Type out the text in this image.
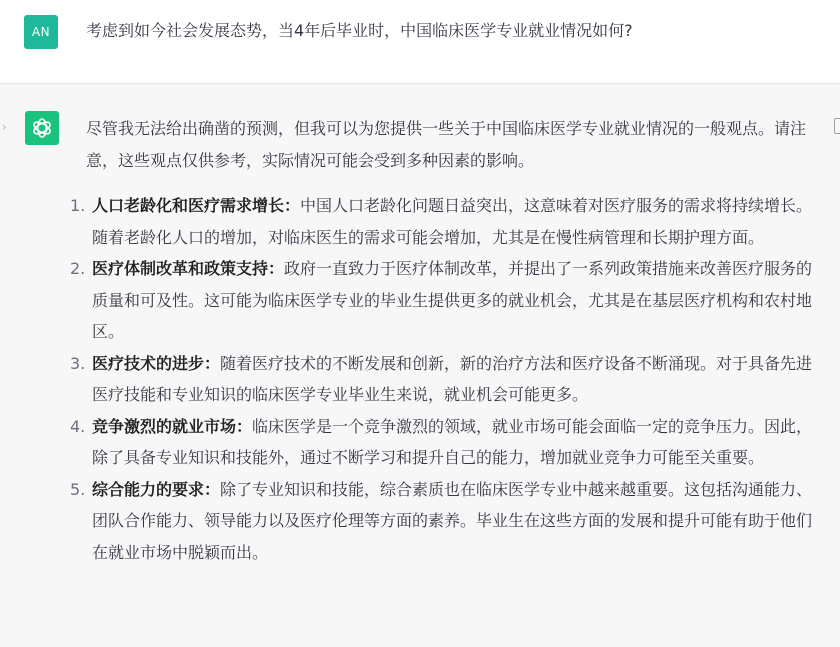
AN	考虑到如今社会发展态势，当4年后毕业时，中国临床医学专业就业情况如何?
›	尽管我无法给出确凿的预测，但我可以为您提供一些关于中国临床医学专业就业情况的一般观点。请注意，这些观点仅供参考，实际情况可能会受到多种因素的影响。

1. 人口老龄化和医疗需求增长：中国人口老龄化问题日益突出，这意味着对医疗服务的需求将持续增长。随着老龄化人口的增加，对临床医生的需求可能会增加，尤其是在慢性病管理和长期护理方面。
2. 医疗体制改革和政策支持：政府一直致力于医疗体制改革，并提出了一系列政策措施来改善医疗服务的质量和可及性。这可能为临床医学专业的毕业生提供更多的就业机会，尤其是在基层医疗机构和农村地区。
3. 医疗技术的进步：随着医疗技术的不断发展和创新，新的治疗方法和医疗设备不断涌现。对于具备先进医疗技能和专业知识的临床医学专业毕业生来说，就业机会可能更多。
4. 竞争激烈的就业市场：临床医学是一个竞争激烈的领域，就业市场可能会面临一定的竞争压力。因此，除了具备专业知识和技能外，通过不断学习和提升自己的能力，增加就业竞争力可能至关重要。
5. 综合能力的要求：除了专业知识和技能，综合素质也在临床医学专业中越来越重要。这包括沟通能力、团队合作能力、领导能力以及医疗伦理等方面的素养。毕业生在这些方面的发展和提升可能有助于他们在就业市场中脱颖而出。
